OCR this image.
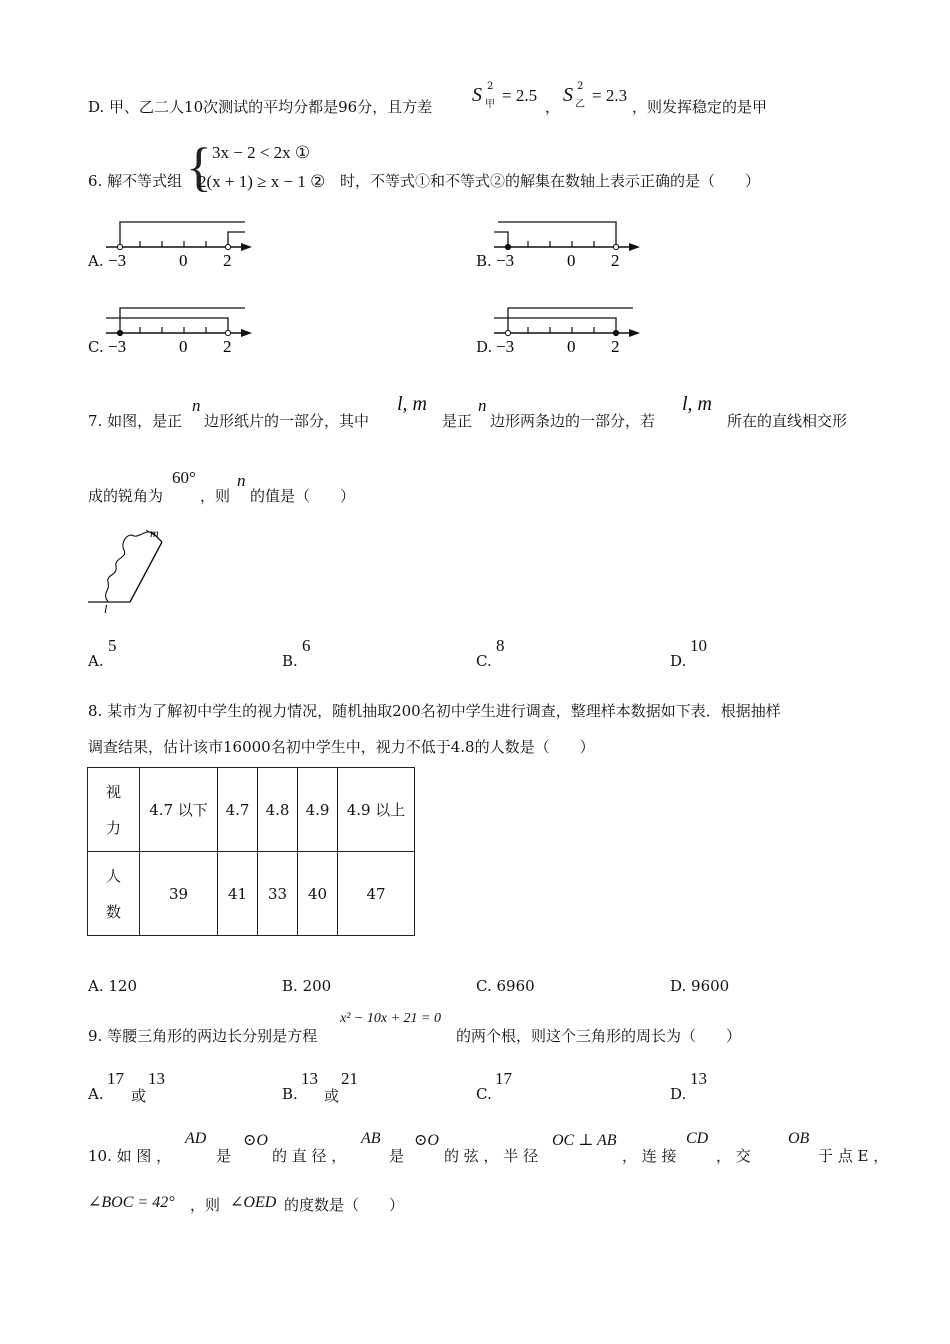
D. 甲、乙二人10次测试的平均分都是96分，且方差
S 2
甲 = 2.5
，
S 2
乙 = 2.3
，则发挥稳定的是甲
6. 解不等式组 { 3x − 2 < 2x ①
2(x + 1) ≥ x − 1 ② 时，不等式①和不等式②的解集在数轴上表示正确的是（　　）
A. −3	0 2	B. −3	0 2
C. −3	0 2	D. −3	0 2
7. 如图，是正
n
边形纸片的一部分，其中
l, m
是正
n
边形两条边的一部分，若
l, m
所在的直线相交形
成的锐角为
60°
，则
n
的值是（　　）
m
l
A.
5
B.
6
C.
8
D.
10
8. 某市为了解初中学生的视力情况，随机抽取200名初中学生进行调查，整理样本数据如下表．根据抽样
调查结果，估计该市16000名初中学生中，视力不低于4.8的人数是（　　）
视
力	4.7 以下	4.7	4.8	4.9	4.9 以上

人
数	39	41	33	40	47
A. 120	B. 200	C. 6960	D. 9600
9. 等腰三角形的两边长分别是方程
x² − 10x + 21 = 0
的两个根，则这个三角形的周长为（　　）
A.
17
或
13
B.
13
或
21
C.
17
D.
13
10. 如 图 ，
AD
是
⊙O
的 直 径 ，
AB
是
⊙O
的 弦 ， 半 径
OC ⊥ AB
， 连 接
CD
， 交
OB
于 点 E ，
∠BOC = 42° ，则 ∠OED 的度数是（　　）
